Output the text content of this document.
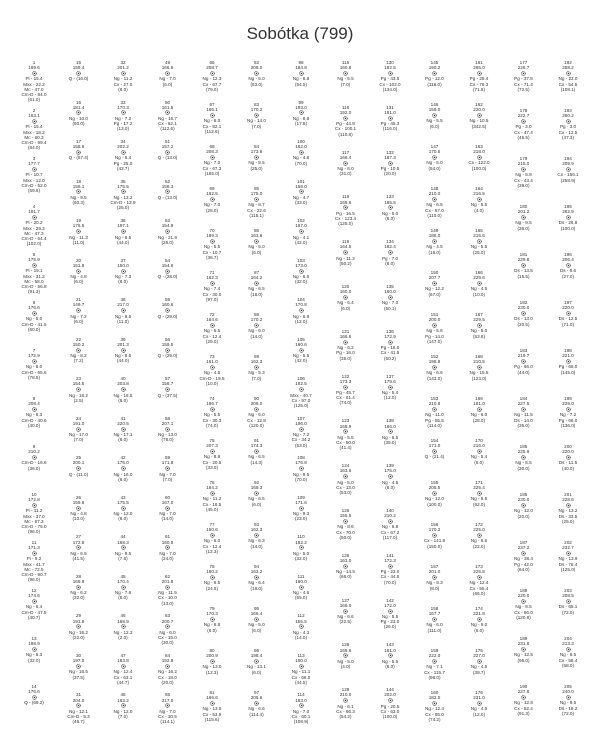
Sobótka (799)
1
169.6
Pi - 15.4
Mxx - 22.2
Mc - 47.0
Cm-D - 84.0
(61.0)
2
163.1
Pi - 15.4
Mxx - 18.2
Mc - 60.3
Cm-D - 99.4
(84.0)
3
177.7
Pi - 10.7
Mxx - 12.0
Cm-D - 52.0
(59.6)
4
181.7
Pi - 20.2
Mxx - 29.3
Mc - 47.3
Cm-D - 64.4
(102.0)
5
175.9
Pi - 19.1
Mxx - 31.2
Mc - 58.0
Cm-D - 56.8
(91.3)
6
176.6
Ng - 5.0
Cm-D - 41.5
(60.0)
7
172.9
Ng - 8.0
Cm-D - 65.6
(78.5)
8
208.4
Ng - 6.3
Cm-D - 40.6
(40.0)
9
210.2
Cm-D - 16.6
(36.0)
10
172.8
Pi - 11.2
Mxx - 37.0
Mc - 67.3
Cm-D - 75.0
(96.0)
11
171.3
Pi - 9.2
Mxx - 41.7
Mc - 72.5
Cm-D - 90.7
(96.0)
12
174.6
Ng - 6.4
Cm-D - 47.5
(40.7)
13
198.9
Ng - 5.3
(32.0)
14
176.6
Q - (69.2)
15
159.4
Q - (16.0)
16
181.4
Ng - 10.0
(60.0)
17
158.6
Q - (57.4)
18
159.1
Ng - 9.5
(60.3)
19
176.5
Ng - 11.3
(11.0)
20
151.8
Ng - 4.8
(6.0)
21
149.7
Ng - 7.2
(6.0)
22
150.2
Ng - 8.2
(7.2)
23
154.5
Ng - 18.2
(2.5)
24
191.0
Ng - 17.0
(7.0)
25
200.1
Q - (11.0)
26
159.6
Ng - 4.8
(10.0)
27
172.8
Ng - 6.5
(41.5)
28
169.9
Ng - 6.2
(32.0)
29
191.8
Ng - 16.2
(22.0)
30
197.0
Ng - 16.5
(37.5)
31
204.0
Ng - 12.1
Cm-D - 5.3
(46.7)
32
201.2
Ng - 11.2
Cx - 27.0
(6.0)
33
170.3
Ng - 7.2
Pg - 17.2
(13.0)
34
202.2
Ng - 6.4
Pg - 25.0
(42.7)
35
175.5
Ng - 13.2
Cm-D - 12.9
(25.0)
36
197.1
Ng - 6.5
(44.0)
37
150.0
Ng - 7.3
(6.0)
38
217.0
Ng - 6.5
(11.0)
39
201.3
Ng - 8.5
(44.0)
40
203.8
Ng - 16.5
(6.0)
41
220.5
Ng - 17.1
(6.0)
42
176.0
Ng - 16.0
(6.0)
43
175.5
Ng - 12.0
(6.0)
44
168.3
Ng - 9.5
(7.6)
45
170.4
Ng - 7.6
(6.0)
46
168.9
Ng - 12.3
(2.0)
47
183.8
Ng - 12.4
Cx - 63.1
(44.7)
48
163.2
Ng - 12.0
(7.0)
49
166.6
Ng - 7.0
(6.0)
50
161.5
Ng - 16.7
Cx - 62.1
(112.6)
51
157.2
Q - (13.0)
52
158.3
Q - (13.0)
53
154.9
Ng - 21.9
(26.0)
54
154.6
Q - (28.0)
55
160.6
Q - (29.0)
56
159.5
Q - (29.0)
57
158.7
Q - (37.5)
58
207.1
Ng - 13.0
(76.0)
59
171.8
Ng - 7.0
(7.0)
60
167.0
Ng - 7.0
(14.0)
61
160.9
Ng - 7.0
(24.0)
62
201.8
Ng - 11.5
Cx - 10.0
(13.0)
63
200.7
Ng - 6.0
Cx - 15.0
(30.0)
64
192.9
Ng - 16.2
Cx - 18.0
(20.0)
65
217.0
Ng - 7.0
Cx - 30.5
(114.1)
66
208.7
Ng - 12.3
Cx - 67.7
(79.0)
67
166.1
Ng - 6.0
Cx - 82.1
(112.6)
68
208.3
Ng - 7.0
Cx - 67.3
(165.0)
69
162.5
Ng - 7.0
(25.0)
70
189.3
Ng - 5.5
Cx - 10.7
(36.7)
71
162.3
Ng - 7.4
Cx - 30.0
(97.0)
72
164.6
Ng - 5.5
Cx - 12.4
(29.0)
73
161.0
Ng - 4.5
Cm-D - 19.5
(10.0)
74
196.7
Ng - 5.5
Cx - 30.3
(74.0)
75
207.3
Ng - 8.9
Cx - 20.5
(33.0)
76
164.2
Ng - 11.2
Cx - 16.5
(45.0)
77
150.6
Ng - 6.0
Cx - 12.4
(12.3)
78
160.2
Ng - 6.5
(24.5)
79
170.3
Ng - 6.8
(6.0)
80
200.9
Ng - 13.0
(12.3)
81
166.6
Ng - 13.5
Cx - 53.9
(115.6)
82
208.0
Ng - 5.0
(63.0)
83
170.2
Ng - 14.0
(7.0)
84
173.6
Ng - 8.5
(25.0)
85
175.0
Ng - 8.7
Cx - 22.6
(115.1)
86
163.6
Ng - 5.0
(6.0)
87
164.2
Ng - 6.5
(18.0)
88
170.2
Ng - 6.0
(14.0)
89
162.3
Ng - 5.3
(7.0)
90
209.0
Ng - 6.0
Cx - 12.8
(120.0)
91
174.3
Ng - 6.5
(14.3)
92
169.3
Ng - 6.5
(6.0)
93
162.3
Ng - 6.3
(14.0)
94
163.2
Ng - 6.4
(19.0)
95
166.4
Ng - 5.0
(6.0)
96
198.4
Ng - 13.1
(6.0)
97
205.6
Ng - 6.6
(114.4)
98
184.8
Ng - 6.8
(54.5)
99
193.0
Ng - 8.8
(17.8)
100
162.0
Ng - 4.8
(70.0)
101
158.0
Ng - 4.7
(33.0)
102
167.0
Ng - 4.1
(42.0)
103
173.0
Ng - 6.6
(32.0)
104
170.8
Ng - 6.9
(12.0)
105
160.6
Ng - 5.5
(42.0)
106
162.5
Mxx - 40.7
Cx - 97.0
(125.0)
107
196.0
Ng - 7.2
Cx - 34.2
(53.0)
108
176.8
Ng - 9.5
(70.0)
109
171.6
Ng - 9.3
(23.0)
110
162.2
Ng - 5.0
(32.0)
111
160.0
Ng - 4.6
(55.0)
112
155.5
Ng - 4.3
(14.0)
113
160.0
Ng - 11.1
Cx - 66.0
(44.5)
114
183.0
Ng - 7.0
Cx - 60.1
(108.9)
115
160.8
Ng - 5.5
(7.0)
116
192.0
Pg - 44.8
Cx - 100.1
(110.8)
117
168.4
Ng - 6.0
(31.0)
118
169.6
Pg - 16.5
Cx - 123.4
(125.0)
119
164.5
Ng - 11.2
(50.2)
120
160.0
Ng - 6.4
(6.0)
121
166.6
Ng - 6.2
Pg - 16.0
(35.0)
122
173.3
Pg - 45.7
Cx - 61.4
(74.0)
123
168.9
Ng - 5.5
Cx - 50.0
(41.4)
124
163.6
Ng - 5.0
Cx - 13.0
(53.0)
125
155.5
Ng - 8.6
Cx - 70.0
(50.0)
126
163.0
Ng - 14.5
(66.0)
127
166.0
Ng - 6.6
(22.5)
128
169.6
Ng - 5.0
(4.0)
129
210.0
Ng - 6.1
Cx - 66.3
(54.2)
130
182.5
Pg - 43.5
Cx - 102.0
(134.0)
131
181.0
Pg - 45.3
(116.0)
132
187.3
Pg - 10.5
(20.0)
133
165.5
Ng - 5.0
(6.0)
134
162.4
Pg - 7.0
(6.0)
135
160.0
Ng - 7.0
(50.1)
136
172.9
Pg - 16.0
Cx - 41.5
(50.2)
137
179.6
Ng - 5.4
(12.0)
138
166.0
Ng - 6.5
(35.0)
139
175.0
Ng - 4.5
(6.0)
140
210.2
Ng - 6.8
Cx - 67.2
(117.0)
141
172.3
Pg - 23.0
Cx - 44.5
(70.0)
142
172.0
Ng - 5.5
Pg - 23.0
(26.0)
143
161.0
Ng - 5.5
(6.0)
144
202.0
Pg - 20.5
Cx - 63.0
(100.0)
145
190.2
Pg - 12.0
(116.0)
146
159.0
Ng - 5.5
(6.0)
147
170.5
Ng - 5.0
(54.0)
148
210.0
Ng - 6.5
Cx - 67.0
(110.0)
149
186.0
Ng - 4.5
(16.0)
150
207.7
Ng - 12.2
(67.0)
151
200.0
Ng - 5.6
Pg - 14.0
(147.0)
152
198.8
Ng - 6.6
(143.0)
153
210.8
Ng - 11.0
Pg - 55.5
(114.0)
154
171.0
Q - (21.4)
155
205.5
Ng - 12.0
(100.0)
156
170.2
Cx - 141.9
(150.0)
157
201.0
Ng - 8.3
(8.0)
158
167.7
Ng - 6.0
(111.0)
159
222.0
Ng - 7.1
Cx - 115.7
(98.0)
160
182.0
Ng - 12.4
Cx - 85.0
(74.2)
161
265.0
Pg - 28.4
Cx - 76.3
(71.8)
162
220.0
Ng - 10.5
(342.5)
163
218.0
Cx - 122.0
(100.0)
164
216.5
Ng - 5.5
(4.0)
165
215.6
Ng - 5.5
(25.0)
166
229.6
Ng - 4.5
(10.0)
167
229.5
Ng - 5.0
(53.6)
168
210.5
Ng - 15.5
(123.0)
169
181.0
Ng - 6.0
(28.0)
170
216.0
Ng - 5.4
(6.0)
171
225.4
Ng - 6.5
(62.0)
172
225.0
Ng - 6.6
(22.0)
173
225.8
Ng - 12.4
Cx - 55.4
(66.0)
174
221.8
Ng - 9.0
(6.0)
175
227.0
Ng - 4.5
(39.7)
176
231.0
Ng - 4.5
(12.0)
177
226.7
Pg - 37.8
Cx - 71.4
(72.5)
178
222.7
Pg - 3.0
Cx - 47.4
(45.5)
179
215.0
Ng - 5.9
Cx - 43.4
(39.0)
180
201.2
Ng - 9.5
(36.0)
181
229.8
Ds - 13.5
(15.5)
182
230.0
Ds - 13.0
(20.5)
183
219.7
Pg - 66.0
(44.0)
184
227.5
Ng - 11.5
Ds - 14.0
(35.0)
185
225.9
Ng - 6.5
(30.0)
186
230.0
Ng - 12.0
(20.0)
187
237.2
Ng - 38.4
Pg - 42.0
(64.0)
188
220.0
Ng - 8.5
Cx - 66.0
(120.8)
189
231.8
Ng - 12.5
(95.0)
190
227.8
Ng - 12.8
Cx - 52.4
(91.3)
192
258.2
Ng - 22.0
Cx - 54.5
(108.1)
193
260.2
Pg - 3.0
Cx - 12.5
(47.3)
194
209.9
Cx - 156.1
(258.9)
195
262.9
Ds - 26.8
(100.0)
196
206.4
Ds - 6.6
(27.0)
197
220.0
Ds - 12.5
(71.0)
198
221.0
Pg - 66.0
(145.0)
199
229.0
Ng - 7.2
Pg - 66.0
(136.0)
200
220.0
Ds - 11.5
(40.0)
201
228.6
Ng - 13.2
Ds - 33.5
(25.0)
202
232.7
Ng - 13.9
Ds - 78.4
(125.0)
203
208.5
Ds - 65.1
(72.0)
204
213.3
Ng - 6.5
Cx - 58.4
(58.0)
205
240.0
Ng - 9.5
Ds - 18.2
(72.0)
